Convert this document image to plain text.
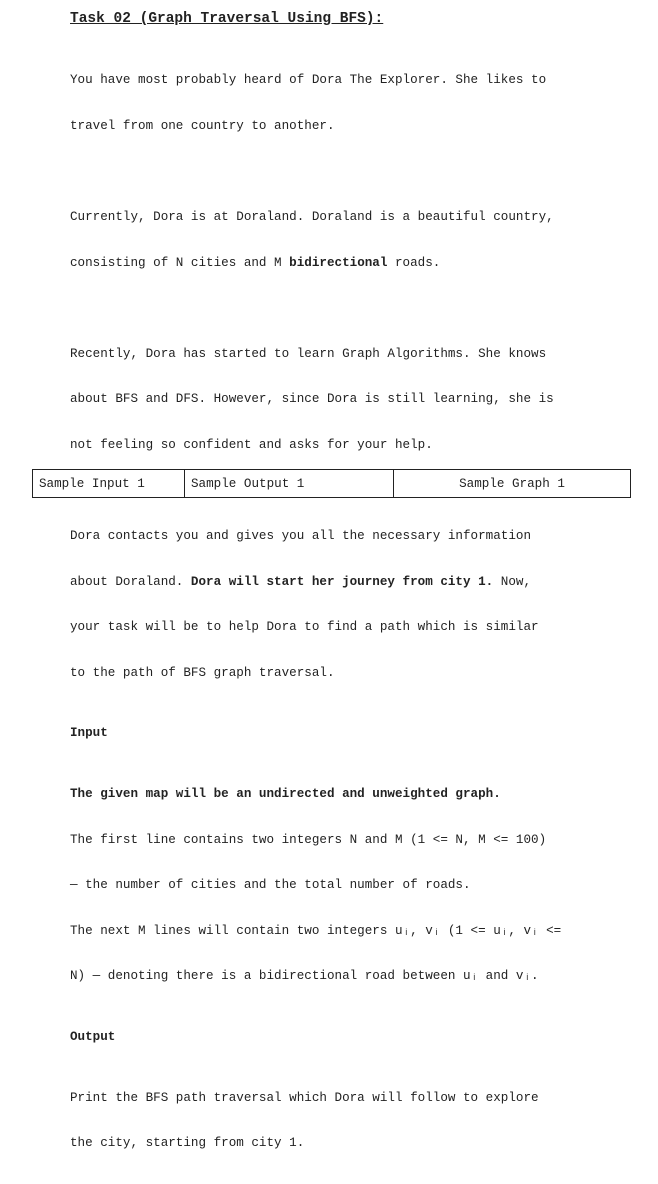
Task 02 (Graph Traversal Using BFS):

You have most probably heard of Dora The Explorer. She likes to

travel from one country to another.

Currently, Dora is at Doraland. Doraland is a beautiful country,

consisting of N cities and M bidirectional roads.

Recently, Dora has started to learn Graph Algorithms. She knows

about BFS and DFS. However, since Dora is still learning, she is

not feeling so confident and asks for your help.

Dora contacts you and gives you all the necessary information

about Doraland. Dora will start her journey from city 1. Now,

your task will be to help Dora to find a path which is similar

to the path of BFS graph traversal.

Input

The given map will be an undirected and unweighted graph.

The first line contains two integers N and M (1 <= N, M <= 100)

— the number of cities and the total number of roads.

The next M lines will contain two integers uᵢ, vᵢ (1 <= uᵢ, vᵢ <=

N) — denoting there is a bidirectional road between uᵢ and vᵢ.

Output

Print the BFS path traversal which Dora will follow to explore

the city, starting from city 1.

Sample Input 1	Sample Output 1	Sample Graph 1
